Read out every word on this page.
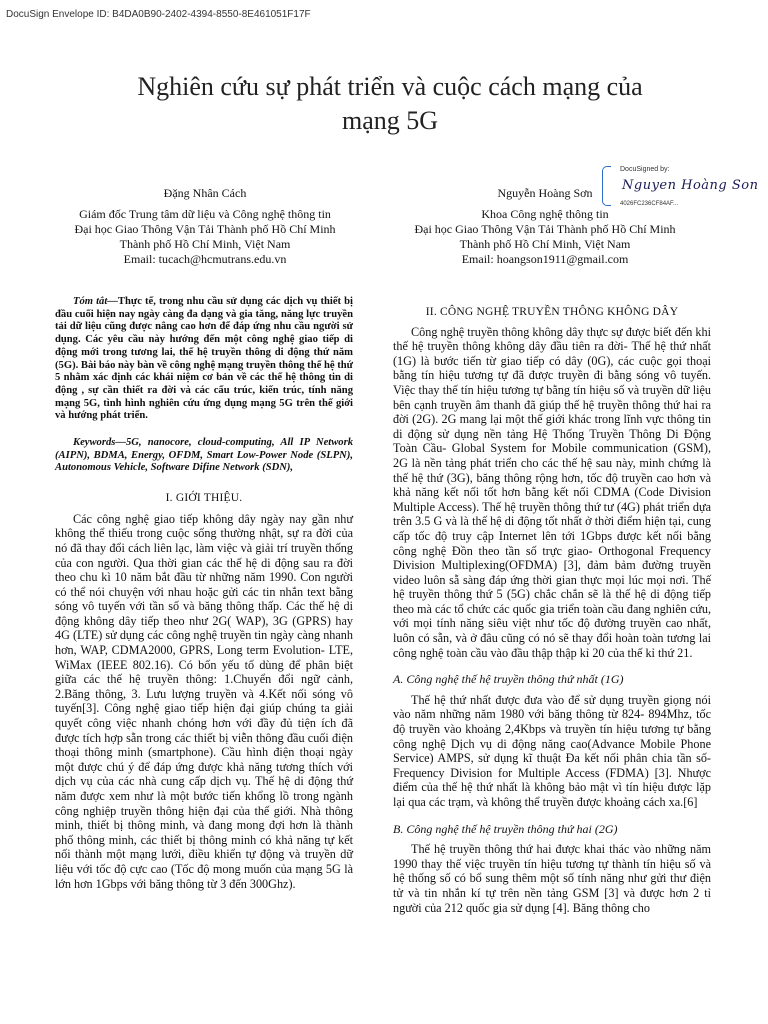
DocuSign Envelope ID: B4DA0B90-2402-4394-8550-8E461051F17F
Nghiên cứu sự phát triển và cuộc cách mạng của
mạng 5G
Đặng Nhân Cách
Giám đốc Trung tâm dữ liệu và Công nghệ thông tin
Đại học Giao Thông Vận Tải Thành phố Hồ Chí Minh
Thành phố Hồ Chí Minh, Việt Nam
Email: tucach@hcmutrans.edu.vn
Nguyễn Hoàng Sơn
Khoa Công nghệ thông tin
Đại học Giao Thông Vận Tải Thành phố Hồ Chí Minh
Thành phố Hồ Chí Minh, Việt Nam
Email: hoangson1911@gmail.com
DocuSigned by:
Nguyen Hoàng Son
4026FC236CF84AF...

Tóm tắt—Thực tế, trong nhu cầu sử dụng các dịch vụ thiết bị đầu cuối hiện nay ngày càng đa dạng và gia tăng, năng lực truyền tải dữ liệu cũng được nâng cao hơn để đáp ứng nhu cầu người sử dụng. Các yêu cầu này hướng đến một công nghệ giao tiếp di động mới trong tương lai, thế hệ truyền thông di động thứ năm (5G). Bài báo này bàn về công nghệ mạng truyền thông thế hệ thứ 5 nhằm xác định các khái niệm cơ bản về các thế hệ thông tin di động , sự cần thiết ra đời và các cấu trúc, kiến trúc, tính năng mạng 5G, tình hình nghiên cứu ứng dụng mạng 5G trên thế giới và hướng phát triển.

Keywords—5G, nanocore, cloud-computing, All IP Network (AIPN), BDMA, Energy, OFDM, Smart Low-Power Node (SLPN), Autonomous Vehicle, Software Difine Network (SDN),

I. GIỚI THIỆU.

Các công nghệ giao tiếp không dây ngày nay gần như không thể thiếu trong cuộc sống thường nhật, sự ra đời của nó đã thay đổi cách liên lạc, làm việc và giải trí truyền thống của con người. Qua thời gian các thế hệ di động sau ra đời theo chu kì 10 năm bắt đầu từ những năm 1990. Con người có thể nói chuyện với nhau hoặc gửi các tin nhắn text bằng sóng vô tuyến với tần số và băng thông thấp. Các thế hệ di động không dây tiếp theo như 2G( WAP), 3G (GPRS) hay 4G (LTE) sử dụng các công nghệ truyền tin ngày càng nhanh hơn, WAP, CDMA2000, GPRS, Long term Evolution- LTE, WiMax (IEEE 802.16). Có bốn yếu tố dùng để phân biệt giữa các thế hệ truyền thông: 1.Chuyển đổi ngữ cảnh, 2.Băng thông, 3. Lưu lượng truyền và 4.Kết nối sóng vô tuyến[3]. Công nghệ giao tiếp hiện đại giúp chúng ta giải quyết công việc nhanh chóng hơn với đầy đủ tiện ích đã được tích hợp sẵn trong các thiết bị viễn thông đầu cuối điện thoại thông minh (smartphone). Cầu hình điện thoại ngày một được chú ý để đáp ứng được khả năng tương thích với dịch vụ của các nhà cung cấp dịch vụ. Thế hệ di động thứ năm được xem như là một bước tiến khổng lồ trong ngành công nghiệp truyền thông hiện đại của thế giới. Nhà thông minh, thiết bị thông minh, và đang mong đợi hơn là thành phố thông minh, các thiết bị thông minh có khả năng tự kết nối thành một mạng lưới, điều khiển tự động và truyền dữ liệu với tốc độ cực cao (Tốc độ mong muốn của mạng 5G là lớn hơn 1Gbps với băng thông từ 3 đến 300Ghz).

II. CÔNG NGHỆ TRUYỀN THÔNG KHÔNG DÂY

Công nghệ truyền thông không dây thực sự được biết đến khi thế hệ truyền thông không dây đầu tiên ra đời- Thế hệ thứ nhất (1G) là bước tiến từ giao tiếp có dây (0G), các cuộc gọi thoại bằng tín hiệu tương tự đã được truyền đi bằng sóng vô tuyến. Việc thay thế tín hiệu tương tự bằng tín hiệu số và truyền dữ liệu bên cạnh truyền âm thanh đã giúp thế hệ truyền thông thứ hai ra đời (2G). 2G mang lại một thế giới khác trong lĩnh vực thông tin di động sử dụng nền tảng Hệ Thống Truyền Thông Di Động Toàn Cầu- Global System for Mobile communication (GSM), 2G là nền tảng phát triển cho các thế hệ sau này, minh chứng là thế hệ thứ (3G), băng thông rộng hơn, tốc độ truyền cao hơn và khả năng kết nối tốt hơn bằng kết nối CDMA (Code Division Multiple Access). Thế hệ truyền thông thứ tư (4G) phát triển dựa trên 3.5 G và là thế hệ di động tốt nhất ở thời điểm hiện tại, cung cấp tốc độ truy cập Internet lên tới 1Gbps được kết nối bằng công nghệ Đồn theo tần số trực giao- Orthogonal Frequency Division Multiplexing(OFDMA) [3], đảm bảm đường truyền video luôn sẵ sàng đáp ứng thời gian thực mọi lúc mọi nơi. Thế hệ truyền thông thứ 5 (5G) chắc chắn sẽ là thế hệ di động tiếp theo mà các tổ chức các quốc gia triển toàn cầu đang nghiên cứu, với mọi tính năng siêu việt như tốc độ đường truyền cao nhất, luôn có sẵn, và ở đâu cũng có nó sẽ thay đổi hoàn toàn tương lai công nghệ toàn cầu vào đầu thập thập kỉ 20 của thế kỉ thứ 21.

A. Công nghệ thế hệ truyền thông thứ nhất (1G)

Thế hệ thứ nhất được đưa vào để sử dụng truyền giọng nói vào năm những năm 1980 với băng thông từ 824- 894Mhz, tốc độ truyền vào khoảng 2,4Kbps và truyền tín hiệu tương tự bằng công nghệ Dịch vụ di động năng cao(Advance Mobile Phone Service) AMPS, sử dụng kĩ thuật Đa kết nối phân chia tần số-Frequency Division for Multiple Access (FDMA) [3]. Nhược điểm của thế hệ thứ nhất là không bảo mật vì tín hiệu được lặp lại qua các trạm, và không thể truyền được khoảng cách xa.[6]

B. Công nghệ thế hệ truyền thông thứ hai (2G)

Thế hệ truyền thông thứ hai được khai thác vào những năm 1990 thay thế việc truyền tín hiệu tương tự thành tín hiệu số và hệ thống số có bổ sung thêm một số tính năng như gửi thư điện tử và tin nhắn kí tự trên nền tảng GSM [3] và được hơn 2 tỉ người của 212 quốc gia sử dụng [4]. Băng thông cho
